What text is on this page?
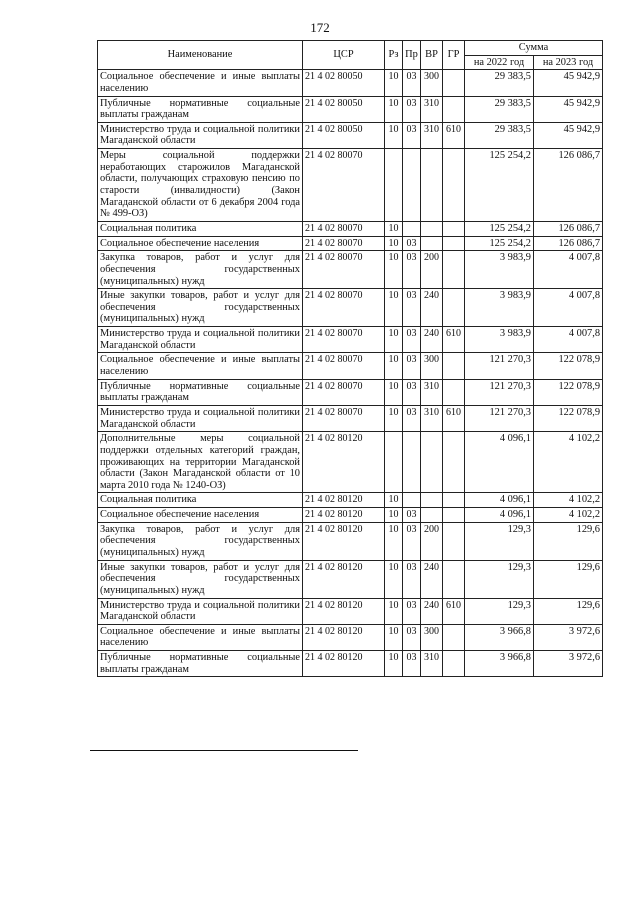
172
Наименование	ЦСР	Рз	Пр	ВР	ГР	Сумма	
						на 2022 год	на 2023 год
Социальное обеспечение и иные выплаты населению	21 4 02 80050	10	03	300		29 383,5	45 942,9
Публичные нормативные социальные выплаты гражданам	21 4 02 80050	10	03	310		29 383,5	45 942,9
Министерство труда и социальной политики Магаданской области	21 4 02 80050	10	03	310	610	29 383,5	45 942,9
Меры социальной поддержки неработающих старожилов Магаданской области, получающих страховую пенсию по старости (инвалидности) (Закон Магаданской области от 6 декабря 2004 года № 499-ОЗ)	21 4 02 80070					125 254,2	126 086,7
Социальная политика	21 4 02 80070	10				125 254,2	126 086,7
Социальное обеспечение населения	21 4 02 80070	10	03			125 254,2	126 086,7
Закупка товаров, работ и услуг для обеспечения государственных (муниципальных) нужд	21 4 02 80070	10	03	200		3 983,9	4 007,8
Иные закупки товаров, работ и услуг для обеспечения государственных (муниципальных) нужд	21 4 02 80070	10	03	240		3 983,9	4 007,8
Министерство труда и социальной политики Магаданской области	21 4 02 80070	10	03	240	610	3 983,9	4 007,8
Социальное обеспечение и иные выплаты населению	21 4 02 80070	10	03	300		121 270,3	122 078,9
Публичные нормативные социальные выплаты гражданам	21 4 02 80070	10	03	310		121 270,3	122 078,9
Министерство труда и социальной политики Магаданской области	21 4 02 80070	10	03	310	610	121 270,3	122 078,9
Дополнительные меры социальной поддержки отдельных категорий граждан, проживающих на территории Магаданской области (Закон Магаданской области от 10 марта 2010 года № 1240-ОЗ)	21 4 02 80120					4 096,1	4 102,2
Социальная политика	21 4 02 80120	10				4 096,1	4 102,2
Социальное обеспечение населения	21 4 02 80120	10	03			4 096,1	4 102,2
Закупка товаров, работ и услуг для обеспечения государственных (муниципальных) нужд	21 4 02 80120	10	03	200		129,3	129,6
Иные закупки товаров, работ и услуг для обеспечения государственных (муниципальных) нужд	21 4 02 80120	10	03	240		129,3	129,6
Министерство труда и социальной политики Магаданской области	21 4 02 80120	10	03	240	610	129,3	129,6
Социальное обеспечение и иные выплаты населению	21 4 02 80120	10	03	300		3 966,8	3 972,6
Публичные нормативные социальные выплаты гражданам	21 4 02 80120	10	03	310		3 966,8	3 972,6
